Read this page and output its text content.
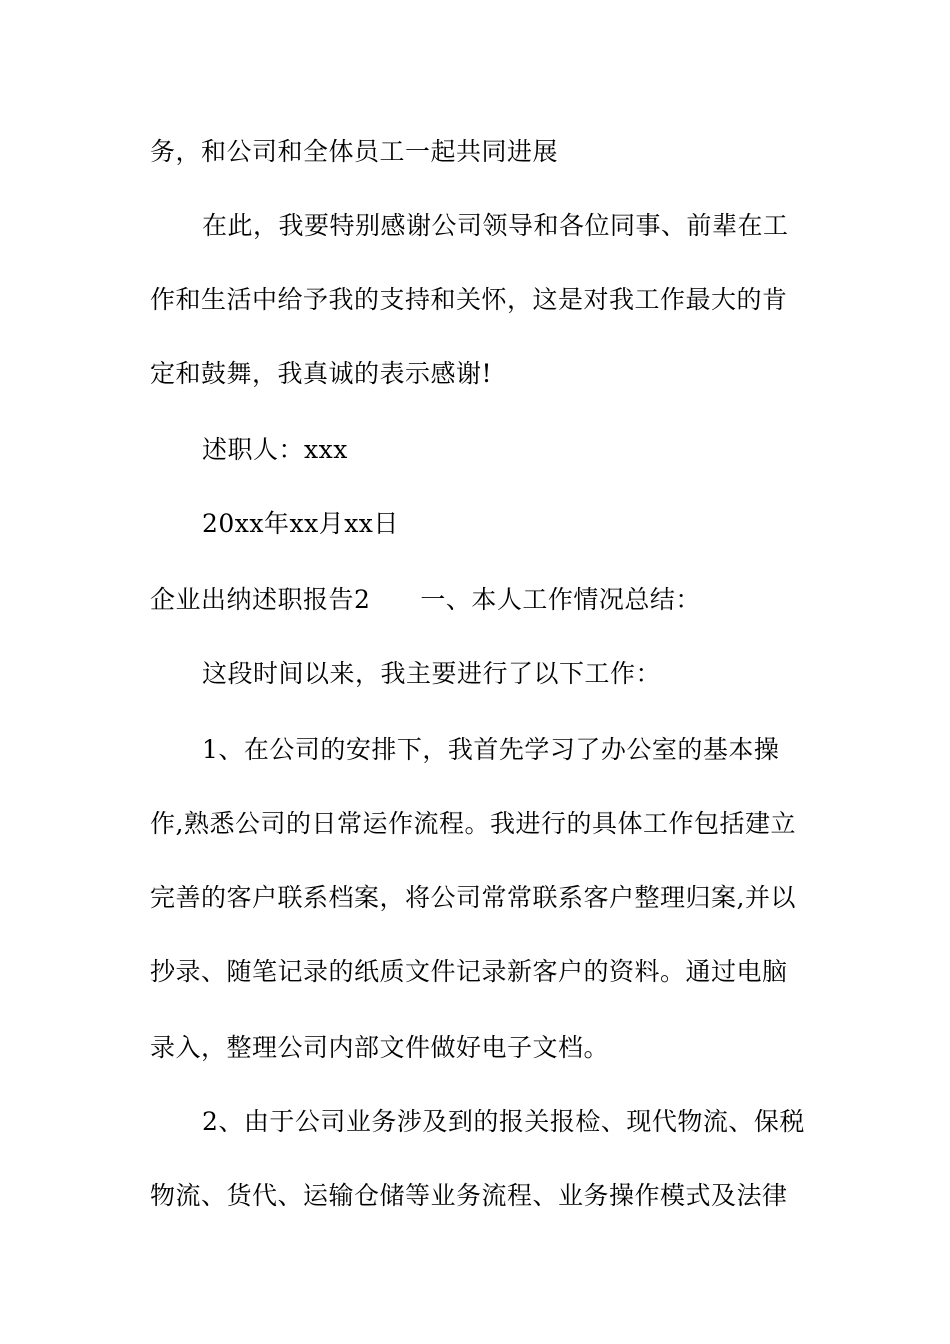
务，和公司和全体员工一起共同进展
在此，我要特别感谢公司领导和各位同事、前辈在工
作和生活中给予我的支持和关怀，这是对我工作最大的肯
定和鼓舞，我真诚的表示感谢!
述职人：xxx
20xx年xx月xx日
企业出纳述职报告2 一、本人工作情况总结：
这段时间以来，我主要进行了以下工作：
1、在公司的安排下，我首先学习了办公室的基本操
作,熟悉公司的日常运作流程。我进行的具体工作包括建立
完善的客户联系档案，将公司常常联系客户整理归案,并以
抄录、随笔记录的纸质文件记录新客户的资料。通过电脑
录入，整理公司内部文件做好电子文档。
2、由于公司业务涉及到的报关报检、现代物流、保税
物流、货代、运输仓储等业务流程、业务操作模式及法律
